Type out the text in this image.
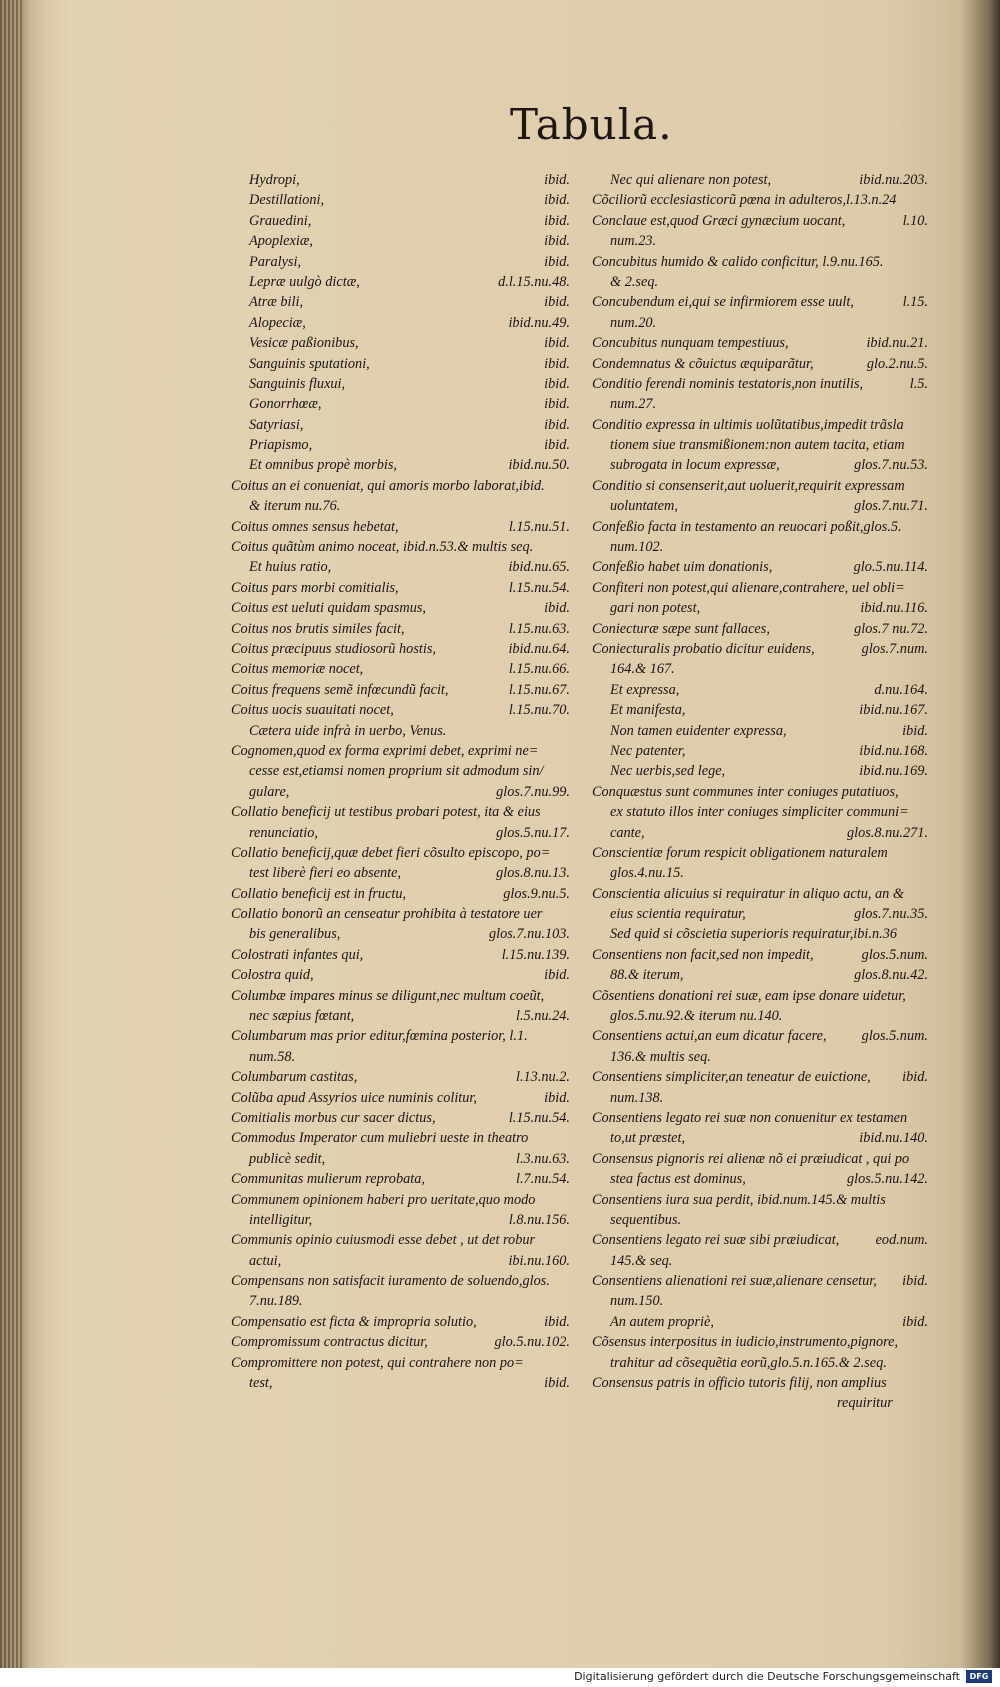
Tabula.
Hydropi,	ibid.
Destillationi,	ibid.
Grauedini,	ibid.
Apoplexiæ,	ibid.
Paralysi,	ibid.
Lepræ uulgò dictæ,	d.l.15.nu.48.
Atræ bili,	ibid.
Alopeciæ,	ibid.nu.49.
Vesicæ paßionibus,	ibid.
Sanguinis sputationi,	ibid.
Sanguinis fluxui,	ibid.
Gonorrhœæ,	ibid.
Satyriasi,	ibid.
Priapismo,	ibid.
Et omnibus propè morbis,	ibid.nu.50.
Coitus an ei conueniat, qui amoris morbo laborat,ibid.
& iterum nu.76.
Coitus omnes sensus hebetat,	l.15.nu.51.
Coitus quãtùm animo noceat, ibid.n.53.& multis seq.
Et huius ratio,	ibid.nu.65.
Coitus pars morbi comitialis,	l.15.nu.54.
Coitus est ueluti quidam spasmus,	ibid.
Coitus nos brutis similes facit,	l.15.nu.63.
Coitus præcipuus studiosorũ hostis,	ibid.nu.64.
Coitus memoriæ nocet,	l.15.nu.66.
Coitus frequens semẽ infœcundũ facit,	l.15.nu.67.
Coitus uocis suauitati nocet,	l.15.nu.70.
Cætera uide infrà in uerbo, Venus.
Cognomen,quod ex forma exprimi debet, exprimi ne=
cesse est,etiamsi nomen proprium sit admodum sin/
gulare,	glos.7.nu.99.
Collatio beneficij ut testibus probari potest, ita & eius
renunciatio,	glos.5.nu.17.
Collatio beneficij,quæ debet fieri cõsulto episcopo, po=
test liberè fieri eo absente,	glos.8.nu.13.
Collatio beneficij est in fructu,	glos.9.nu.5.
Collatio bonorũ an censeatur prohibita à testatore uer
bis generalibus,	glos.7.nu.103.
Colostrati infantes qui,	l.15.nu.139.
Colostra quid,	ibid.
Columbæ impares minus se diligunt,nec multum coeũt,
nec sæpius fœtant,	l.5.nu.24.
Columbarum mas prior editur,fœmina posterior, l.1.
num.58.
Columbarum castitas,	l.13.nu.2.
Colũba apud Assyrios uice numinis colitur,	ibid.
Comitialis morbus cur sacer dictus,	l.15.nu.54.
Commodus Imperator cum muliebri ueste in theatro
publicè sedit,	l.3.nu.63.
Communitas mulierum reprobata,	l.7.nu.54.
Communem opinionem haberi pro ueritate,quo modo
intelligitur,	l.8.nu.156.
Communis opinio cuiusmodi esse debet , ut det robur
actui,	ibi.nu.160.
Compensans non satisfacit iuramento de soluendo,glos.
7.nu.189.
Compensatio est ficta & impropria solutio,	ibid.
Compromissum contractus dicitur,	glo.5.nu.102.
Compromittere non potest, qui contrahere non po=
test,	ibid.
Nec qui alienare non potest,	ibid.nu.203.
Cõciliorũ ecclesiasticorũ pœna in adulteros,l.13.n.24
Conclaue est,quod Græci gynæcium uocant,	l.10.
num.23.
Concubitus humido & calido conficitur, l.9.nu.165.
& 2.seq.
Concubendum ei,qui se infirmiorem esse uult,	l.15.
num.20.
Concubitus nunquam tempestiuus,	ibid.nu.21.
Condemnatus & cõuictus æquiparãtur,	glo.2.nu.5.
Conditio ferendi nominis testatoris,non inutilis,	l.5.
num.27.
Conditio expressa in ultimis uolũtatibus,impedit trãsla
tionem siue transmißionem:non autem tacita, etiam
subrogata in locum expressæ,	glos.7.nu.53.
Conditio si consenserit,aut uoluerit,requirit expressam
uoluntatem,	glos.7.nu.71.
Confeßio facta in testamento an reuocari poßit,glos.5.
num.102.
Confeßio habet uim donationis,	glo.5.nu.114.
Confiteri non potest,qui alienare,contrahere, uel obli=
gari non potest,	ibid.nu.116.
Coniecturæ sæpe sunt fallaces,	glos.7 nu.72.
Coniecturalis probatio dicitur euidens,	glos.7.num.
164.& 167.
Et expressa,	d.nu.164.
Et manifesta,	ibid.nu.167.
Non tamen euidenter expressa,	ibid.
Nec patenter,	ibid.nu.168.
Nec uerbis,sed lege,	ibid.nu.169.
Conquæstus sunt communes inter coniuges putatiuos,
ex statuto illos inter coniuges simpliciter communi=
cante,	glos.8.nu.271.
Conscientiæ forum respicit obligationem naturalem
glos.4.nu.15.
Conscientia alicuius si requiratur in aliquo actu, an &
eius scientia requiratur,	glos.7.nu.35.
Sed quid si cõscietia superioris requiratur,ibi.n.36
Consentiens non facit,sed non impedit,	glos.5.num.
88.& iterum,	glos.8.nu.42.
Cõsentiens donationi rei suæ, eam ipse donare uidetur,
glos.5.nu.92.& iterum nu.140.
Consentiens actui,an eum dicatur facere, glos.5.num.
136.& multis seq.
Consentiens simpliciter,an teneatur de euictione, ibid.
num.138.
Consentiens legato rei suæ non conuenitur ex testamen
to,ut præstet,	ibid.nu.140.
Consensus pignoris rei alienæ nõ ei præiudicat , qui po
stea factus est dominus,	glos.5.nu.142.
Consentiens iura sua perdit, ibid.num.145.& multis
sequentibus.
Consentiens legato rei suæ sibi præiudicat,	eod.num.
145.& seq.
Consentiens alienationi rei suæ,alienare censetur, ibid.
num.150.
An autem propriè,	ibid.
Cõsensus interpositus in iudicio,instrumento,pignore,
trahitur ad cõsequẽtia eorũ,glo.5.n.165.& 2.seq.
Consensus patris in officio tutoris filij, non amplius
requiritur
Digitalisierung gefördert durch die Deutsche Forschungsgemeinschaft	DFG
